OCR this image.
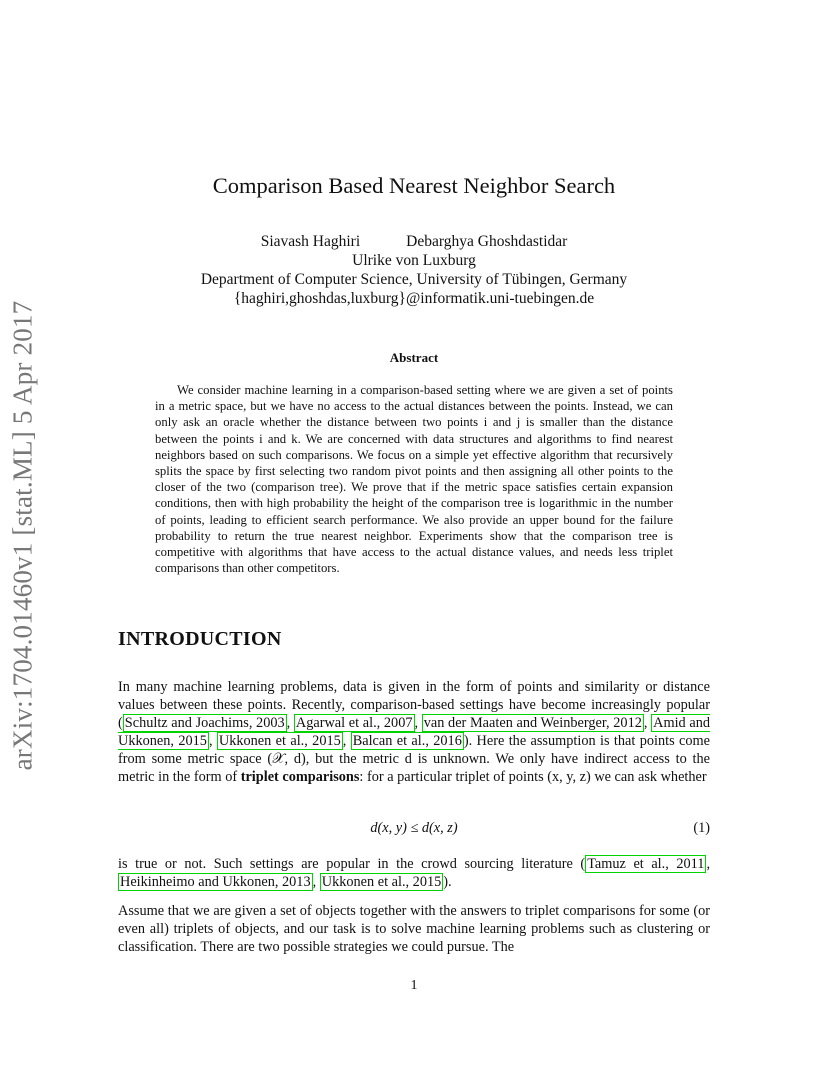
arXiv:1704.01460v1 [stat.ML] 5 Apr 2017
Comparison Based Nearest Neighbor Search
Siavash Haghiri	Debarghya Ghoshdastidar
Ulrike von Luxburg
Department of Computer Science, University of Tübingen, Germany
{haghiri,ghoshdas,luxburg}@informatik.uni-tuebingen.de
Abstract

We consider machine learning in a comparison-based setting where we are given a set of points in a metric space, but we have no access to the actual distances between the points. Instead, we can only ask an oracle whether the distance between two points i and j is smaller than the distance between the points i and k. We are concerned with data structures and algorithms to find nearest neighbors based on such comparisons. We focus on a simple yet effective algorithm that recursively splits the space by first selecting two random pivot points and then assigning all other points to the closer of the two (comparison tree). We prove that if the metric space satisfies certain expansion conditions, then with high probability the height of the comparison tree is logarithmic in the number of points, leading to efficient search performance. We also provide an upper bound for the failure probability to return the true nearest neighbor. Experiments show that the comparison tree is competitive with algorithms that have access to the actual distance values, and needs less triplet comparisons than other competitors.

INTRODUCTION

In many machine learning problems, data is given in the form of points and similarity or distance values between these points. Recently, comparison-based settings have become increasingly popular ( Schultz and Joachims, 2003 , Agarwal et al., 2007 , van der Maaten and Weinberger, 2012 , Amid and Ukkonen, 2015 , Ukkonen et al., 2015 , Balcan et al., 2016 ). Here the assumption is that points come from some metric space (𝒳, d), but the metric d is unknown. We only have indirect access to the metric in the form of triplet comparisons: for a particular triplet of points (x, y, z) we can ask whether

d(x, y) ≤ d(x, z)	(1)

is true or not. Such settings are popular in the crowd sourcing literature ( Tamuz et al., 2011 , Heikinheimo and Ukkonen, 2013 , Ukkonen et al., 2015 ).

Assume that we are given a set of objects together with the answers to triplet comparisons for some (or even all) triplets of objects, and our task is to solve machine learning problems such as clustering or classification. There are two possible strategies we could pursue. The

1
